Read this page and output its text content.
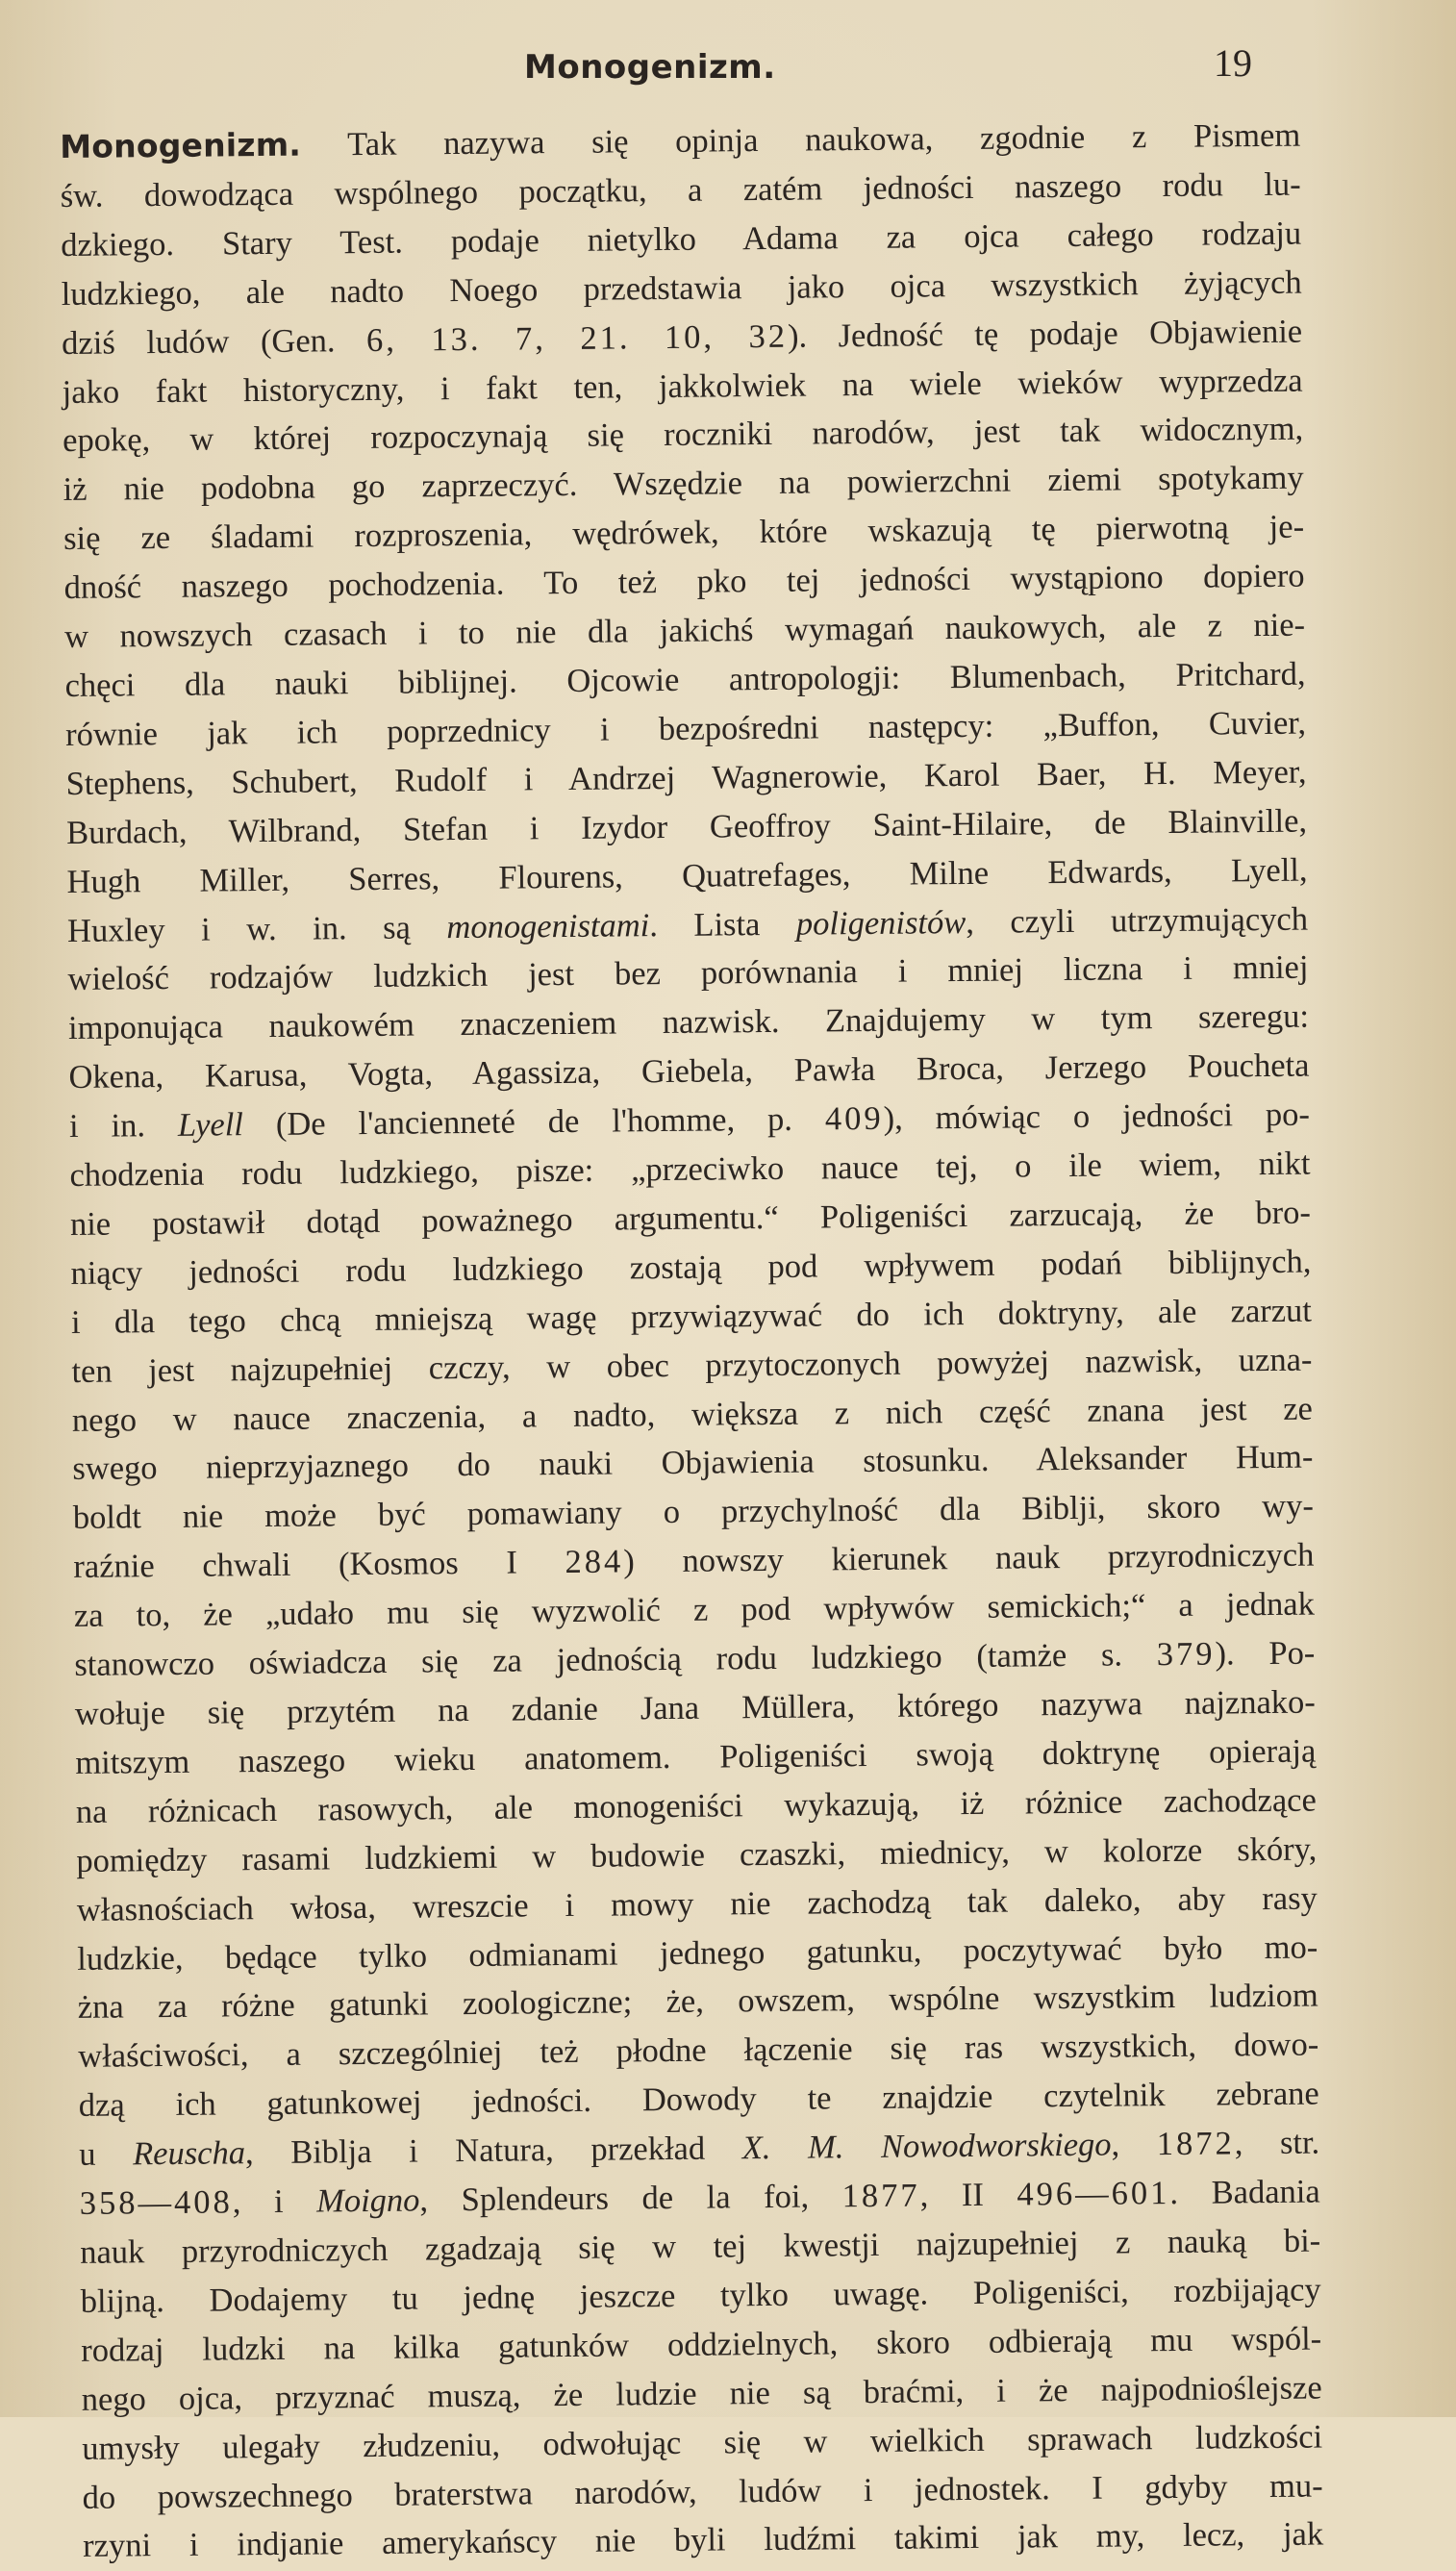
Monogenizm.	19
Monogenizm. Tak nazywa się opinja naukowa, zgodnie z Pismem
św. dowodząca wspólnego początku, a zatém jedności naszego rodu lu-
dzkiego. Stary Test. podaje nietylko Adama za ojca całego rodzaju
ludzkiego, ale nadto Noego przedstawia jako ojca wszystkich żyjących
dziś ludów (Gen. 6, 13. 7, 21. 10, 32). Jedność tę podaje Objawienie
jako fakt historyczny, i fakt ten, jakkolwiek na wiele wieków wyprzedza
epokę, w której rozpoczynają się roczniki narodów, jest tak widocznym,
iż nie podobna go zaprzeczyć. Wszędzie na powierzchni ziemi spotykamy
się ze śladami rozproszenia, wędrówek, które wskazują tę pierwotną je-
dność naszego pochodzenia. To też pko tej jedności wystąpiono dopiero
w nowszych czasach i to nie dla jakichś wymagań naukowych, ale z nie-
chęci dla nauki biblijnej. Ojcowie antropologji: Blumenbach, Pritchard,
równie jak ich poprzednicy i bezpośredni następcy: „Buffon, Cuvier,
Stephens, Schubert, Rudolf i Andrzej Wagnerowie, Karol Baer, H. Meyer,
Burdach, Wilbrand, Stefan i Izydor Geoffroy Saint-Hilaire, de Blainville,
Hugh Miller, Serres, Flourens, Quatrefages, Milne Edwards, Lyell,
Huxley i w. in. są monogenistami. Lista poligenistów, czyli utrzymujących
wielość rodzajów ludzkich jest bez porównania i mniej liczna i mniej
imponująca naukowém znaczeniem nazwisk. Znajdujemy w tym szeregu:
Okena, Karusa, Vogta, Agassiza, Giebela, Pawła Broca, Jerzego Poucheta
i in. Lyell (De l'ancienneté de l'homme, p. 409), mówiąc o jedności po-
chodzenia rodu ludzkiego, pisze: „przeciwko nauce tej, o ile wiem, nikt
nie postawił dotąd poważnego argumentu.“ Poligeniści zarzucają, że bro-
niący jedności rodu ludzkiego zostają pod wpływem podań biblijnych,
i dla tego chcą mniejszą wagę przywiązywać do ich doktryny, ale zarzut
ten jest najzupełniej czczy, w obec przytoczonych powyżej nazwisk, uzna-
nego w nauce znaczenia, a nadto, większa z nich część znana jest ze
swego nieprzyjaznego do nauki Objawienia stosunku. Aleksander Hum-
boldt nie może być pomawiany o przychylność dla Biblji, skoro wy-
raźnie chwali (Kosmos I 284) nowszy kierunek nauk przyrodniczych
za to, że „udało mu się wyzwolić z pod wpływów semickich;“ a jednak
stanowczo oświadcza się za jednością rodu ludzkiego (tamże s. 379). Po-
wołuje się przytém na zdanie Jana Müllera, którego nazywa najznako-
mitszym naszego wieku anatomem. Poligeniści swoją doktrynę opierają
na różnicach rasowych, ale monogeniści wykazują, iż różnice zachodzące
pomiędzy rasami ludzkiemi w budowie czaszki, miednicy, w kolorze skóry,
własnościach włosa, wreszcie i mowy nie zachodzą tak daleko, aby rasy
ludzkie, będące tylko odmianami jednego gatunku, poczytywać było mo-
żna za różne gatunki zoologiczne; że, owszem, wspólne wszystkim ludziom
właściwości, a szczególniej też płodne łączenie się ras wszystkich, dowo-
dzą ich gatunkowej jedności. Dowody te znajdzie czytelnik zebrane
u Reuscha, Biblja i Natura, przekład X. M. Nowodworskiego, 1872, str.
358—408, i Moigno, Splendeurs de la foi, 1877, II 496—601. Badania
nauk przyrodniczych zgadzają się w tej kwestji najzupełniej z nauką bi-
blijną. Dodajemy tu jednę jeszcze tylko uwagę. Poligeniści, rozbijający
rodzaj ludzki na kilka gatunków oddzielnych, skoro odbierają mu wspól-
nego ojca, przyznać muszą, że ludzie nie są braćmi, i że najpodnioślejsze
umysły ulegały złudzeniu, odwołując się w wielkich sprawach ludzkości
do powszechnego braterstwa narodów, ludów i jednostek. I gdyby mu-
rzyni i indjanie amerykańscy nie byli ludźmi takimi jak my, lecz, jak
